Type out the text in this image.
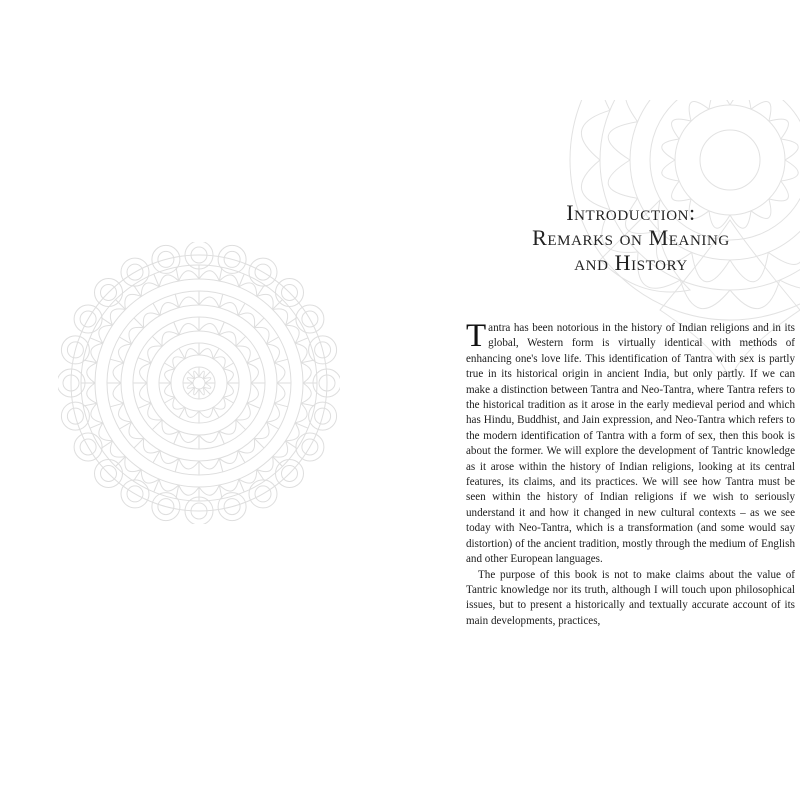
Introduction:
Remarks on Meaning
and History

Tantra has been notorious in the history of Indian religions and in its global, Western form is virtually identical with methods of enhancing one's love life. This identification of Tantra with sex is partly true in its historical origin in ancient India, but only partly. If we can make a distinction between Tantra and Neo-Tantra, where Tantra refers to the historical tradition as it arose in the early medieval period and which has Hindu, Buddhist, and Jain expression, and Neo-Tantra which refers to the modern identification of Tantra with a form of sex, then this book is about the former. We will explore the development of Tantric knowledge as it arose within the history of Indian religions, looking at its central features, its claims, and its practices. We will see how Tantra must be seen within the history of Indian religions if we wish to seriously understand it and how it changed in new cultural contexts – as we see today with Neo-Tantra, which is a transformation (and some would say distortion) of the ancient tradition, mostly through the medium of English and other European languages.

The purpose of this book is not to make claims about the value of Tantric knowledge nor its truth, although I will touch upon philosophical issues, but to present a historically and textually accurate account of its main developments, practices,
